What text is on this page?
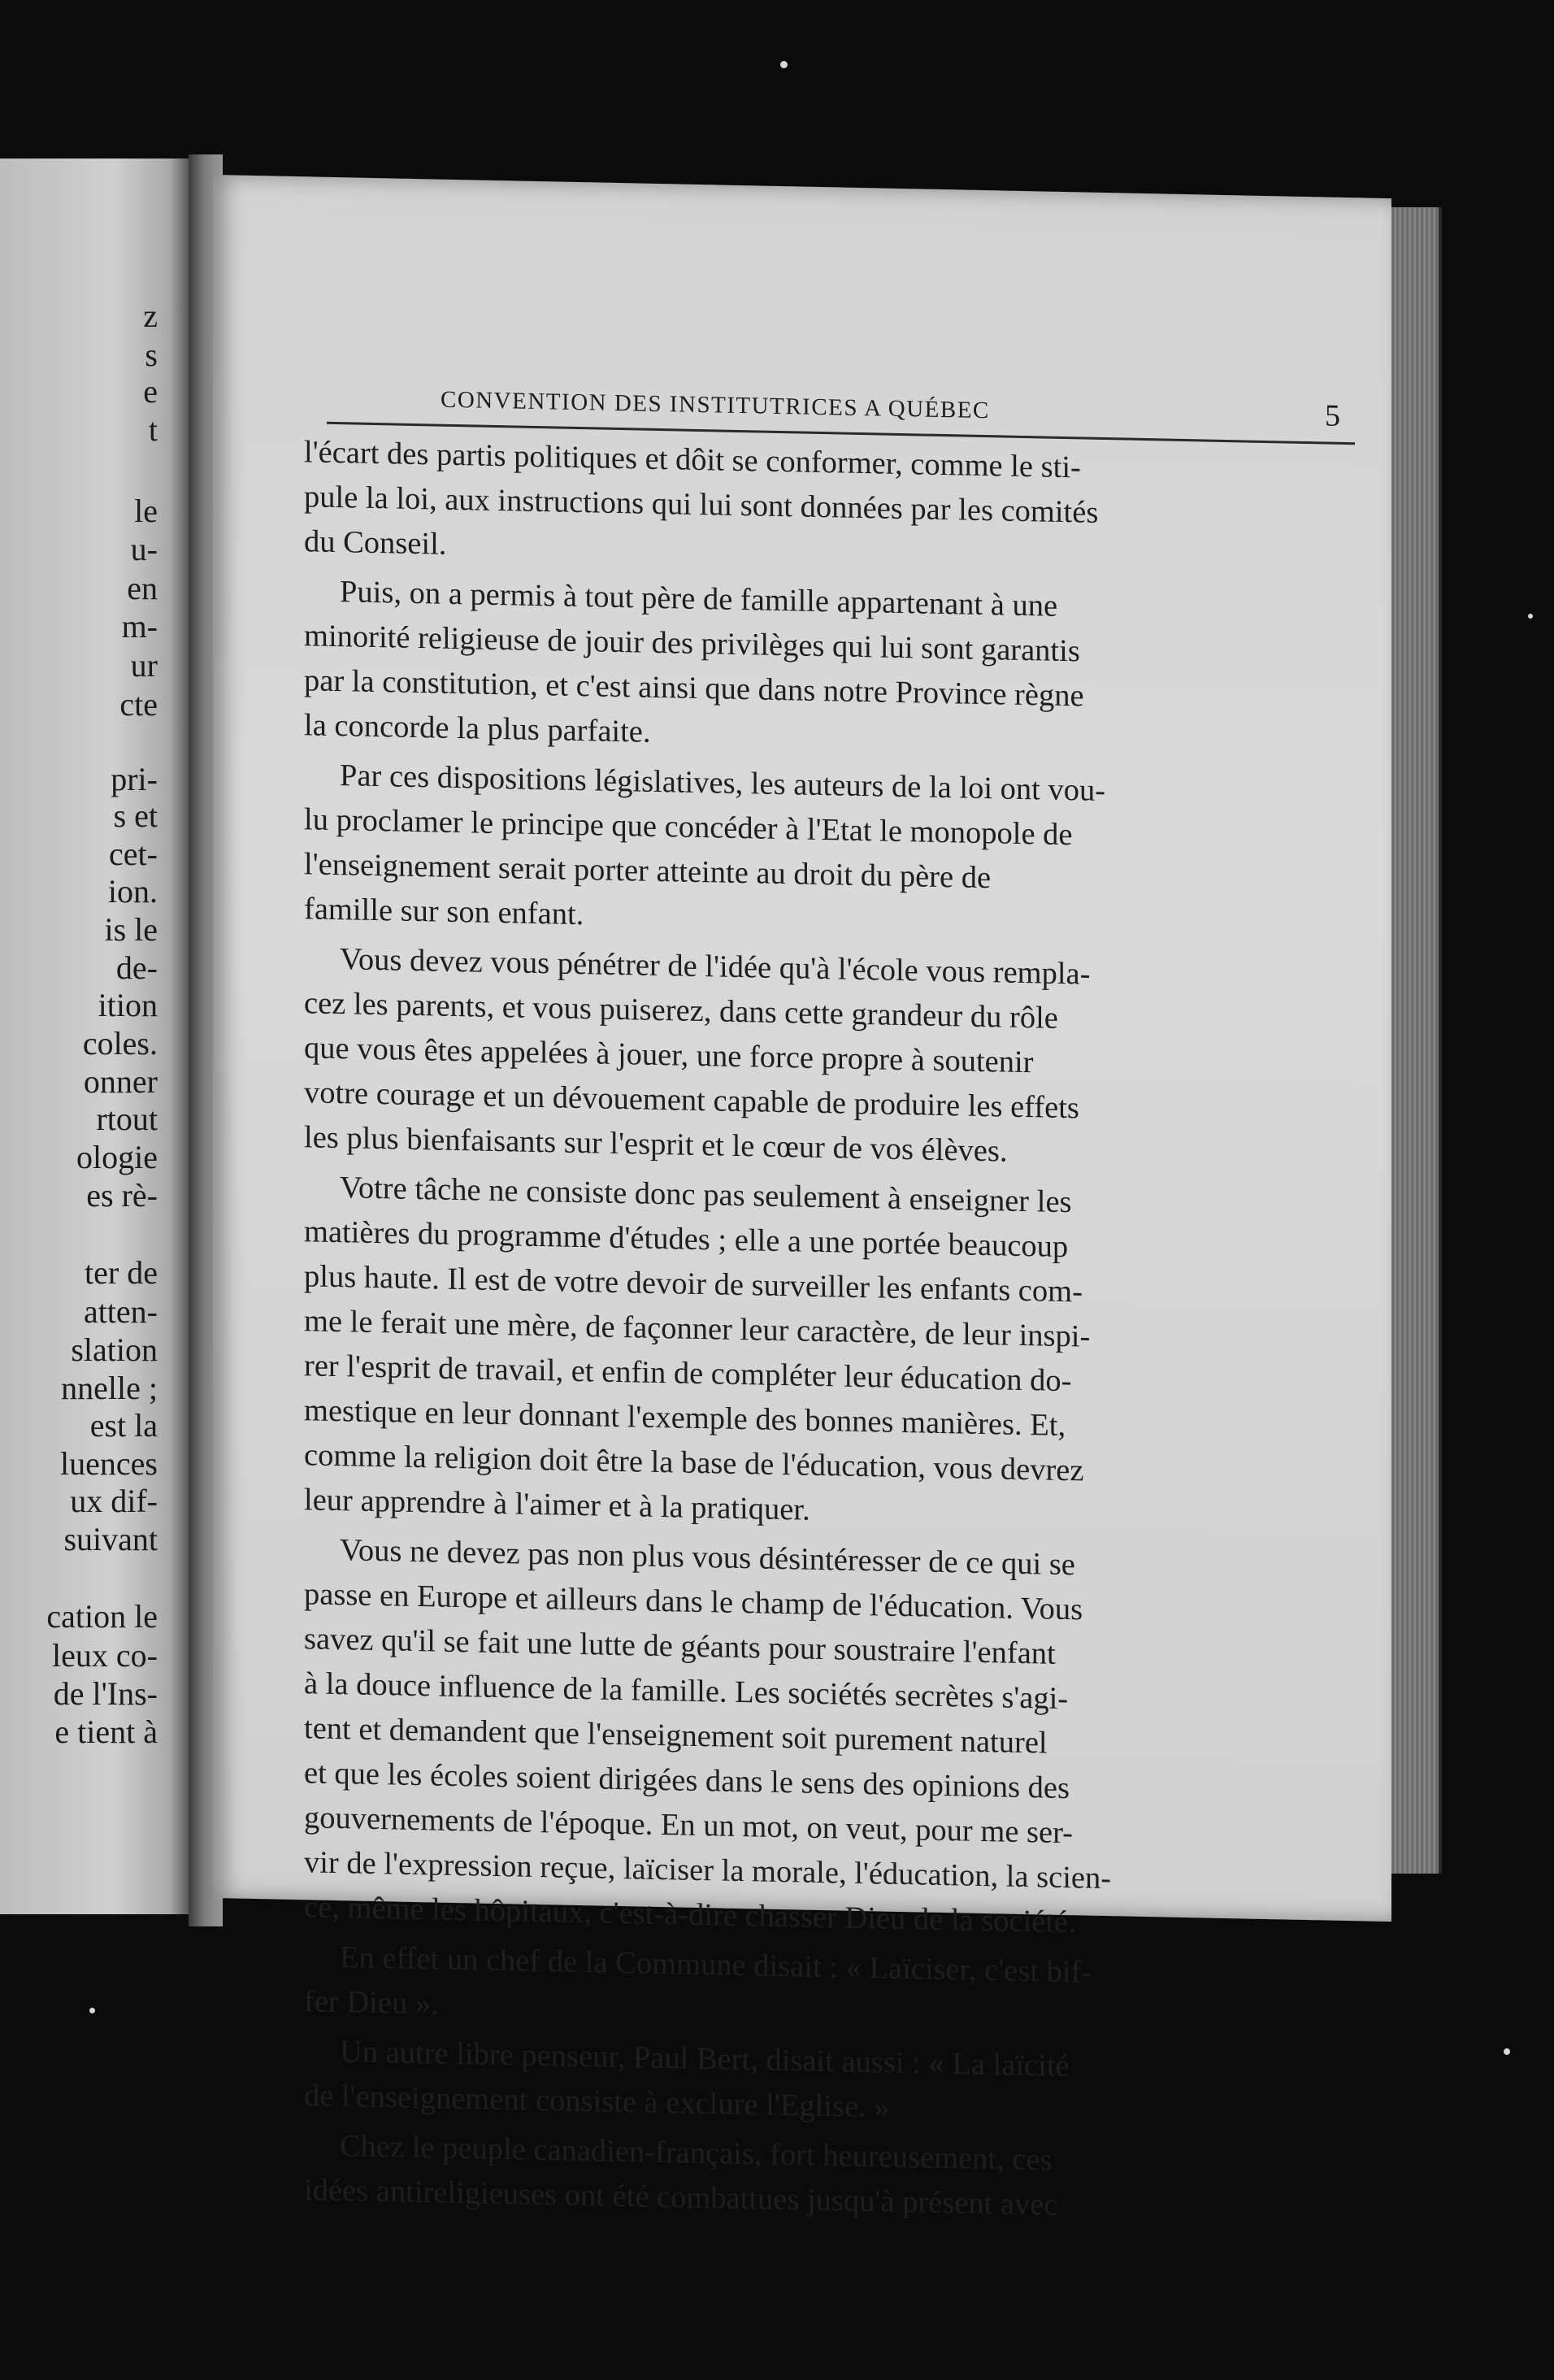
z
s
e
t
le
u-
en
m-
ur
cte
pri-
s et
cet-
ion.
is le
de-
ition
coles.
onner
rtout
ologie
es rè-
ter de
atten-
slation
nnelle ;
est la
luences
ux dif-
suivant
cation le
leux co-
de l'Ins-
e tient à
CONVENTION DES INSTITUTRICES A QUÉBEC	5
l'écart des partis politiques et dôit se conformer, comme le sti-
pule la loi, aux instructions qui lui sont données par les comités
du Conseil.
Puis, on a permis à tout père de famille appartenant à une
minorité religieuse de jouir des privilèges qui lui sont garantis
par la constitution, et c'est ainsi que dans notre Province règne
la concorde la plus parfaite.
Par ces dispositions législatives, les auteurs de la loi ont vou-
lu proclamer le principe que concéder à l'Etat le monopole de
l'enseignement serait porter atteinte au droit du père de
famille sur son enfant.
Vous devez vous pénétrer de l'idée qu'à l'école vous rempla-
cez les parents, et vous puiserez, dans cette grandeur du rôle
que vous êtes appelées à jouer, une force propre à soutenir
votre courage et un dévouement capable de produire les effets
les plus bienfaisants sur l'esprit et le cœur de vos élèves.
Votre tâche ne consiste donc pas seulement à enseigner les
matières du programme d'études ; elle a une portée beaucoup
plus haute. Il est de votre devoir de surveiller les enfants com-
me le ferait une mère, de façonner leur caractère, de leur inspi-
rer l'esprit de travail, et enfin de compléter leur éducation do-
mestique en leur donnant l'exemple des bonnes manières. Et,
comme la religion doit être la base de l'éducation, vous devrez
leur apprendre à l'aimer et à la pratiquer.
Vous ne devez pas non plus vous désintéresser de ce qui se
passe en Europe et ailleurs dans le champ de l'éducation. Vous
savez qu'il se fait une lutte de géants pour soustraire l'enfant
à la douce influence de la famille. Les sociétés secrètes s'agi-
tent et demandent que l'enseignement soit purement naturel
et que les écoles soient dirigées dans le sens des opinions des
gouvernements de l'époque. En un mot, on veut, pour me ser-
vir de l'expression reçue, laïciser la morale, l'éducation, la scien-
ce, même les hôpitaux, c'est-à-dire chasser Dieu de la société.
En effet un chef de la Commune disait : « Laïciser, c'est bif-
fer Dieu ».
Un autre libre penseur, Paul Bert, disait aussi : « La laïcité
de l'enseignement consiste à exclure l'Eglise. »
Chez le peuple canadien-français, fort heureusement, ces
idées antireligieuses ont été combattues jusqu'à présent avec
